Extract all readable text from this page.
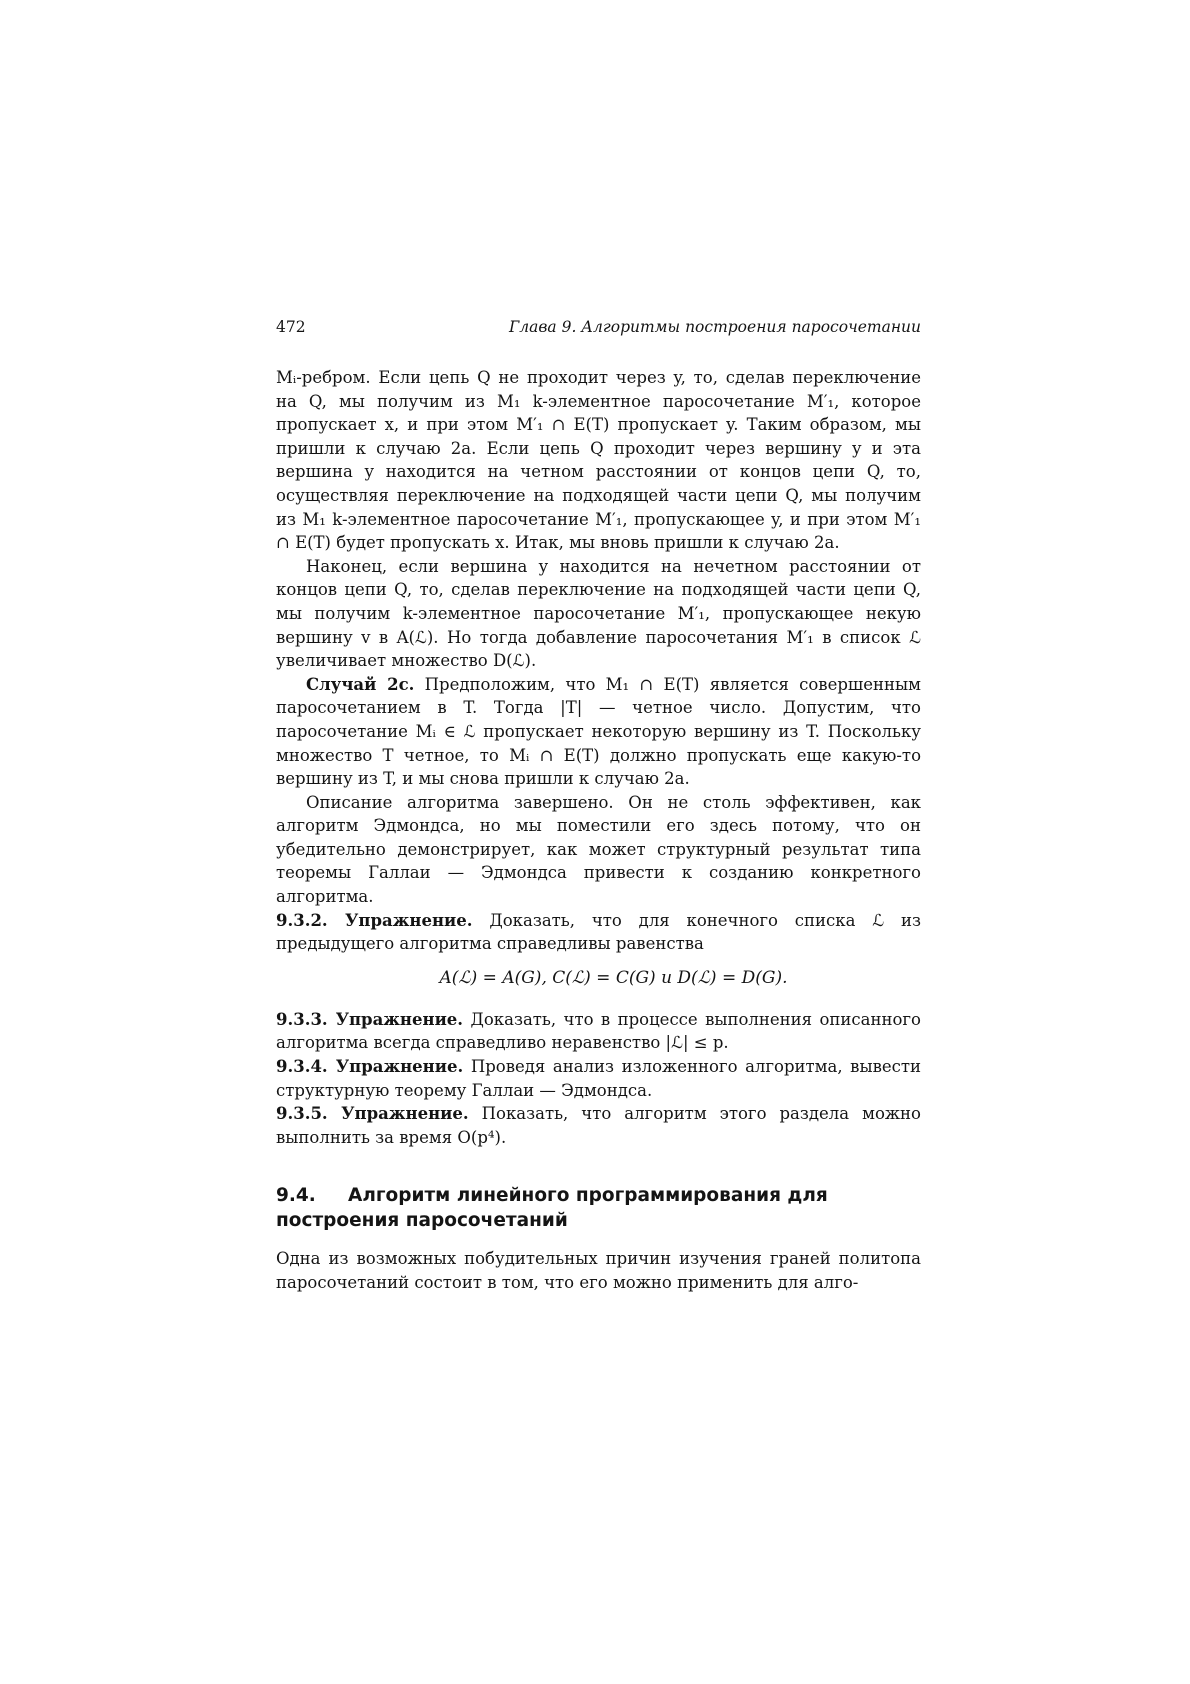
472	Глава 9. Алгоритмы построения паросочетании

Mᵢ-ребром. Если цепь Q не проходит через y, то, сделав переключение на Q, мы получим из M₁ k-элементное паросочетание M′₁, которое пропускает x, и при этом M′₁ ∩ E(T) пропускает y. Таким образом, мы пришли к случаю 2а. Если цепь Q проходит через вершину y и эта вершина y находится на четном расстоянии от концов цепи Q, то, осуществляя переключение на подходящей части цепи Q, мы получим из M₁ k-элементное паросочетание M′₁, пропускающее y, и при этом M′₁ ∩ E(T) будет пропускать x. Итак, мы вновь пришли к случаю 2а.

Наконец, если вершина y находится на нечетном расстоянии от концов цепи Q, то, сделав переключение на подходящей части цепи Q, мы получим k-элементное паросочетание M′₁, пропускающее некую вершину v в A(ℒ). Но тогда добавление паросочетания M′₁ в список ℒ увеличивает множество D(ℒ).

Случай 2с. Предположим, что M₁ ∩ E(T) является совершенным паросочетанием в T. Тогда |T| — четное число. Допустим, что паросочетание Mᵢ ∈ ℒ пропускает некоторую вершину из T. Поскольку множество T четное, то Mᵢ ∩ E(T) должно пропускать еще какую-то вершину из T, и мы снова пришли к случаю 2а.

Описание алгоритма завершено. Он не столь эффективен, как алгоритм Эдмондса, но мы поместили его здесь потому, что он убедительно демонстрирует, как может структурный результат типа теоремы Галлаи — Эдмондса привести к созданию конкретного алгоритма.

9.3.2. Упражнение. Доказать, что для конечного списка ℒ из предыдущего алгоритма справедливы равенства

A(ℒ) = A(G), C(ℒ) = C(G) и D(ℒ) = D(G).

9.3.3. Упражнение. Доказать, что в процессе выполнения описанного алгоритма всегда справедливо неравенство |ℒ| ≤ p.

9.3.4. Упражнение. Проведя анализ изложенного алгоритма, вывести структурную теорему Галлаи — Эдмондса.

9.3.5. Упражнение. Показать, что алгоритм этого раздела можно выполнить за время O(p⁴).

9.4. Алгоритм линейного программирования для построения паросочетаний

Одна из возможных побудительных причин изучения граней политопа паросочетаний состоит в том, что его можно применить для алго-
